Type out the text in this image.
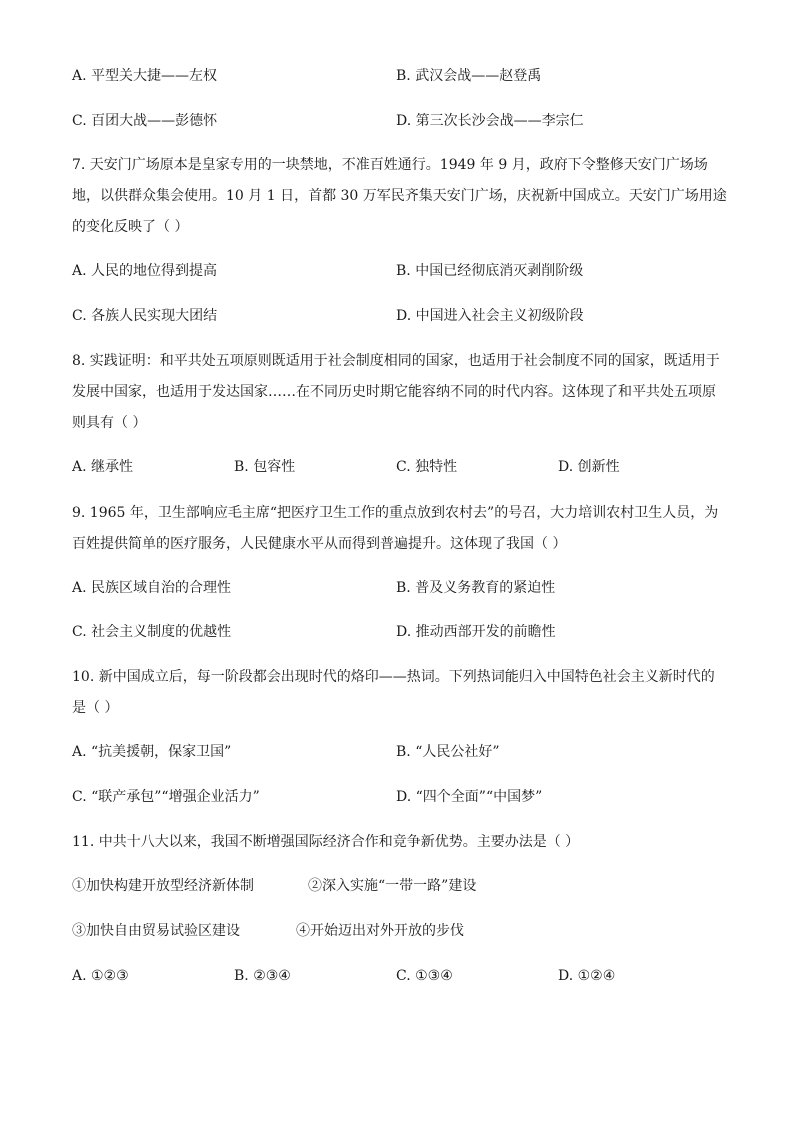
A. 平型关大捷——左权	B. 武汉会战——赵登禹
C. 百团大战——彭德怀	D. 第三次长沙会战——李宗仁
7. 天安门广场原本是皇家专用的一块禁地，不准百姓通行。1949 年 9 月，政府下令整修天安门广场场
地，以供群众集会使用。10 月 1 日，首都 30 万军民齐集天安门广场，庆祝新中国成立。天安门广场用途
的变化反映了（ ）
A. 人民的地位得到提高	B. 中国已经彻底消灭剥削阶级
C. 各族人民实现大团结	D. 中国进入社会主义初级阶段
8. 实践证明：和平共处五项原则既适用于社会制度相同的国家，也适用于社会制度不同的国家，既适用于
发展中国家，也适用于发达国家……在不同历史时期它能容纳不同的时代内容。这体现了和平共处五项原
则具有（ ）
A. 继承性	B. 包容性	C. 独特性	D. 创新性
9. 1965 年，卫生部响应毛主席“把医疗卫生工作的重点放到农村去”的号召，大力培训农村卫生人员，为
百姓提供简单的医疗服务，人民健康水平从而得到普遍提升。这体现了我国（ ）
A. 民族区域自治的合理性	B. 普及义务教育的紧迫性
C. 社会主义制度的优越性	D. 推动西部开发的前瞻性
10. 新中国成立后，每一阶段都会出现时代的烙印——热词。下列热词能归入中国特色社会主义新时代的
是（ ）
A. “抗美援朝，保家卫国”	B. “人民公社好”
C. “联产承包”“增强企业活力”	D. “四个全面”“中国梦”
11. 中共十八大以来，我国不断增强国际经济合作和竞争新优势。主要办法是（ ）
①加快构建开放型经济新体制	②深入实施“一带一路”建设
③加快自由贸易试验区建设	④开始迈出对外开放的步伐
A. ①②③	B. ②③④	C. ①③④	D. ①②④
